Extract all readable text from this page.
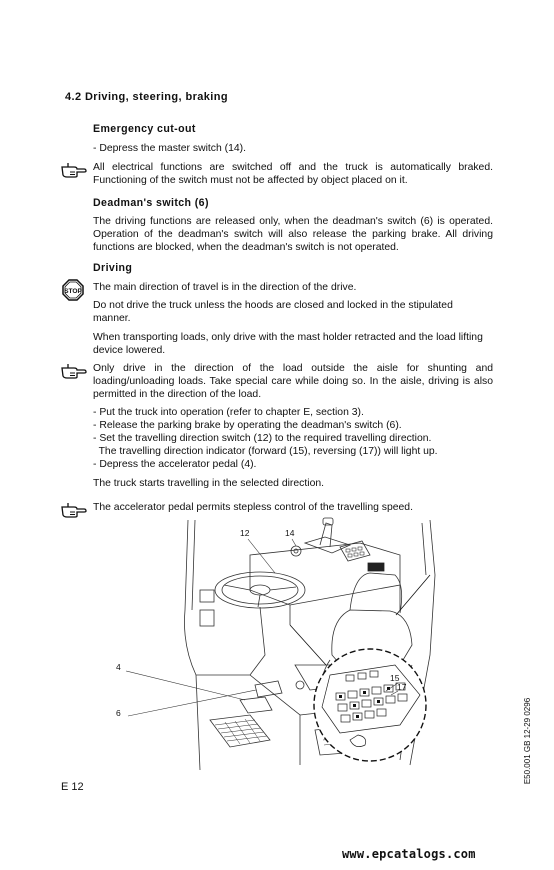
4.2 Driving, steering, braking
Emergency cut-out
- Depress the master switch (14).
All electrical functions are switched off and the truck is automatically braked. Functioning of the switch must not be affected by object placed on it.
Deadman's switch (6)
The driving functions are released only, when the deadman's switch (6) is operated. Operation of the deadman's switch will also release the parking brake. All driving functions are blocked, when the deadman's switch is not operated.
Driving
STOP The main direction of travel is in the direction of the drive.
Do not drive the truck unless the hoods are closed and locked in the stipulated manner.
When transporting loads, only drive with the mast holder retracted and the load lifting device lowered.
Only drive in the direction of the load outside the aisle for shunting and loading/unloading loads. Take special care while doing so. In the aisle, driving is also permitted in the direction of the load.
- Put the truck into operation (refer to chapter E, section 3).
- Release the parking brake by operating the deadman's switch (6).
- Set the travelling direction switch (12) to the required travelling direction.
The travelling direction indicator (forward (15), reversing (17)) will light up.
- Depress the accelerator pedal (4).
The truck starts travelling in the selected direction.
The accelerator pedal permits stepless control of the travelling speed.
12	14
4
6
15
17
E50.001 GB 12-29 0296
E 12
www.epcatalogs.com
